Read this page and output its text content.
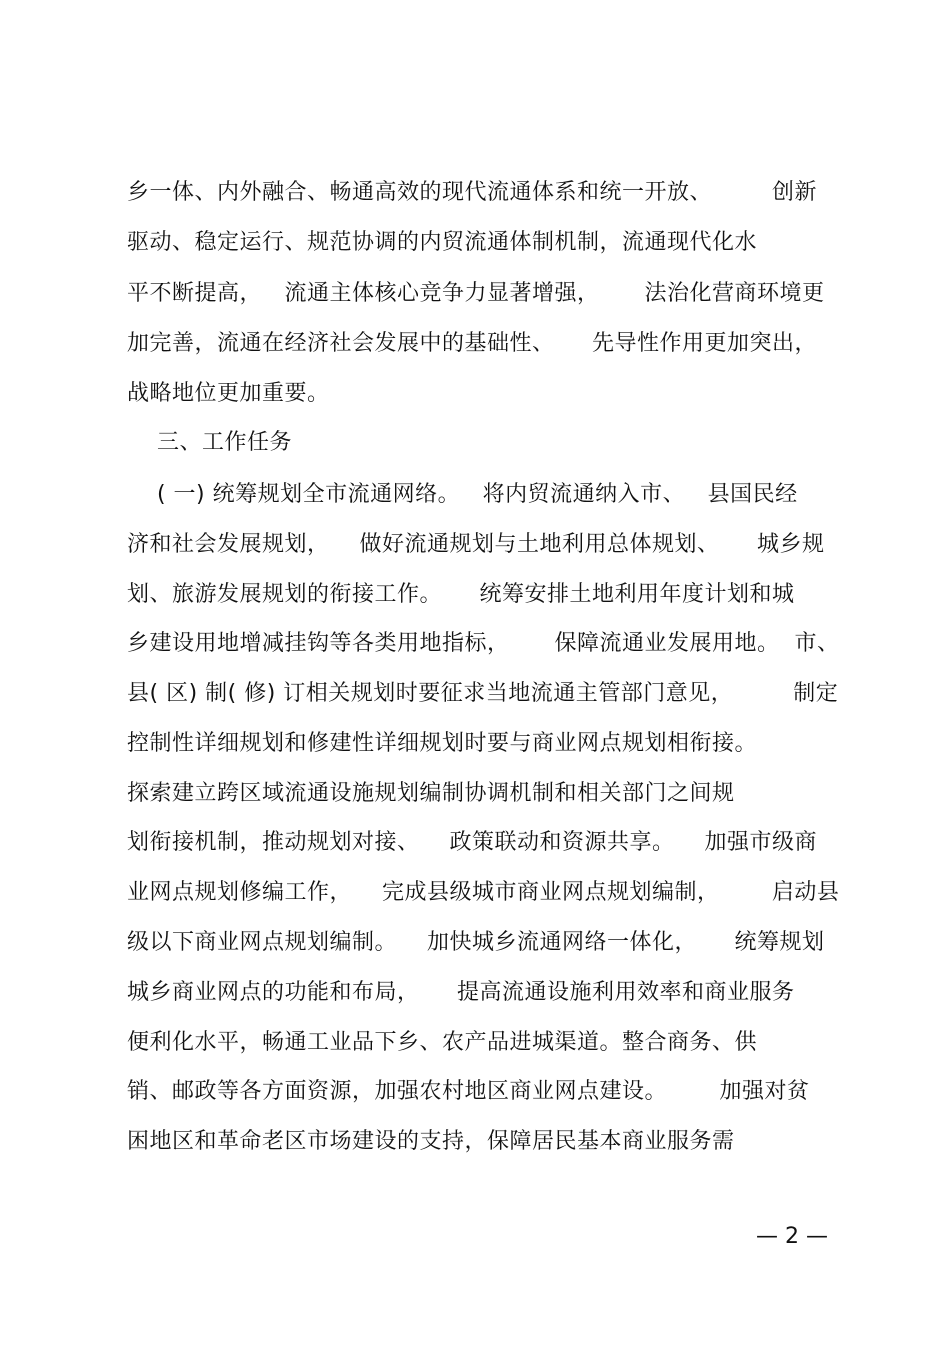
乡一体、内外融合、畅通高效的现代流通体系和统一开放、        创新
驱动、稳定运行、规范协调的内贸流通体制机制，流通现代化水
平不断提高，   流通主体核心竞争力显著增强，      法治化营商环境更
加完善，流通在经济社会发展中的基础性、     先导性作用更加突出，
战略地位更加重要。
三、工作任务
( 一) 统筹规划全市流通网络。   将内贸流通纳入市、   县国民经
济和社会发展规划，    做好流通规划与土地利用总体规划、     城乡规
划、旅游发展规划的衔接工作。     统筹安排土地利用年度计划和城
乡建设用地增减挂钩等各类用地指标，      保障流通业发展用地。  市、
县( 区) 制( 修) 订相关规划时要征求当地流通主管部门意见，        制定
控制性详细规划和修建性详细规划时要与商业网点规划相衔接。
探索建立跨区域流通设施规划编制协调机制和相关部门之间规
划衔接机制，推动规划对接、    政策联动和资源共享。    加强市级商
业网点规划修编工作，    完成县级城市商业网点规划编制，       启动县
级以下商业网点规划编制。    加快城乡流通网络一体化，     统筹规划
城乡商业网点的功能和布局，     提高流通设施利用效率和商业服务
便利化水平，畅通工业品下乡、农产品进城渠道。整合商务、供
销、邮政等各方面资源，加强农村地区商业网点建设。       加强对贫
困地区和革命老区市场建设的支持，保障居民基本商业服务需
— 2 —
